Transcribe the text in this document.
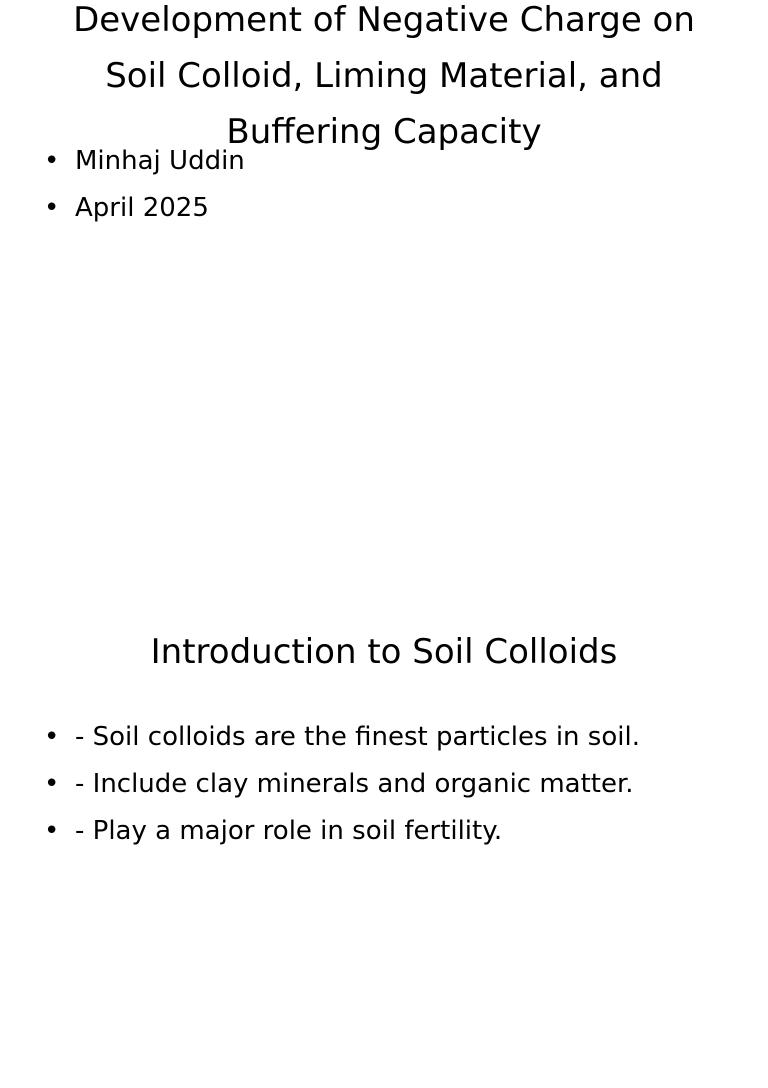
Development of Negative Charge on Soil Colloid, Liming Material, and Buffering Capacity
• Minhaj Uddin
• April 2025
Introduction to Soil Colloids
• - Soil colloids are the finest particles in soil.
• - Include clay minerals and organic matter.
• - Play a major role in soil fertility.
